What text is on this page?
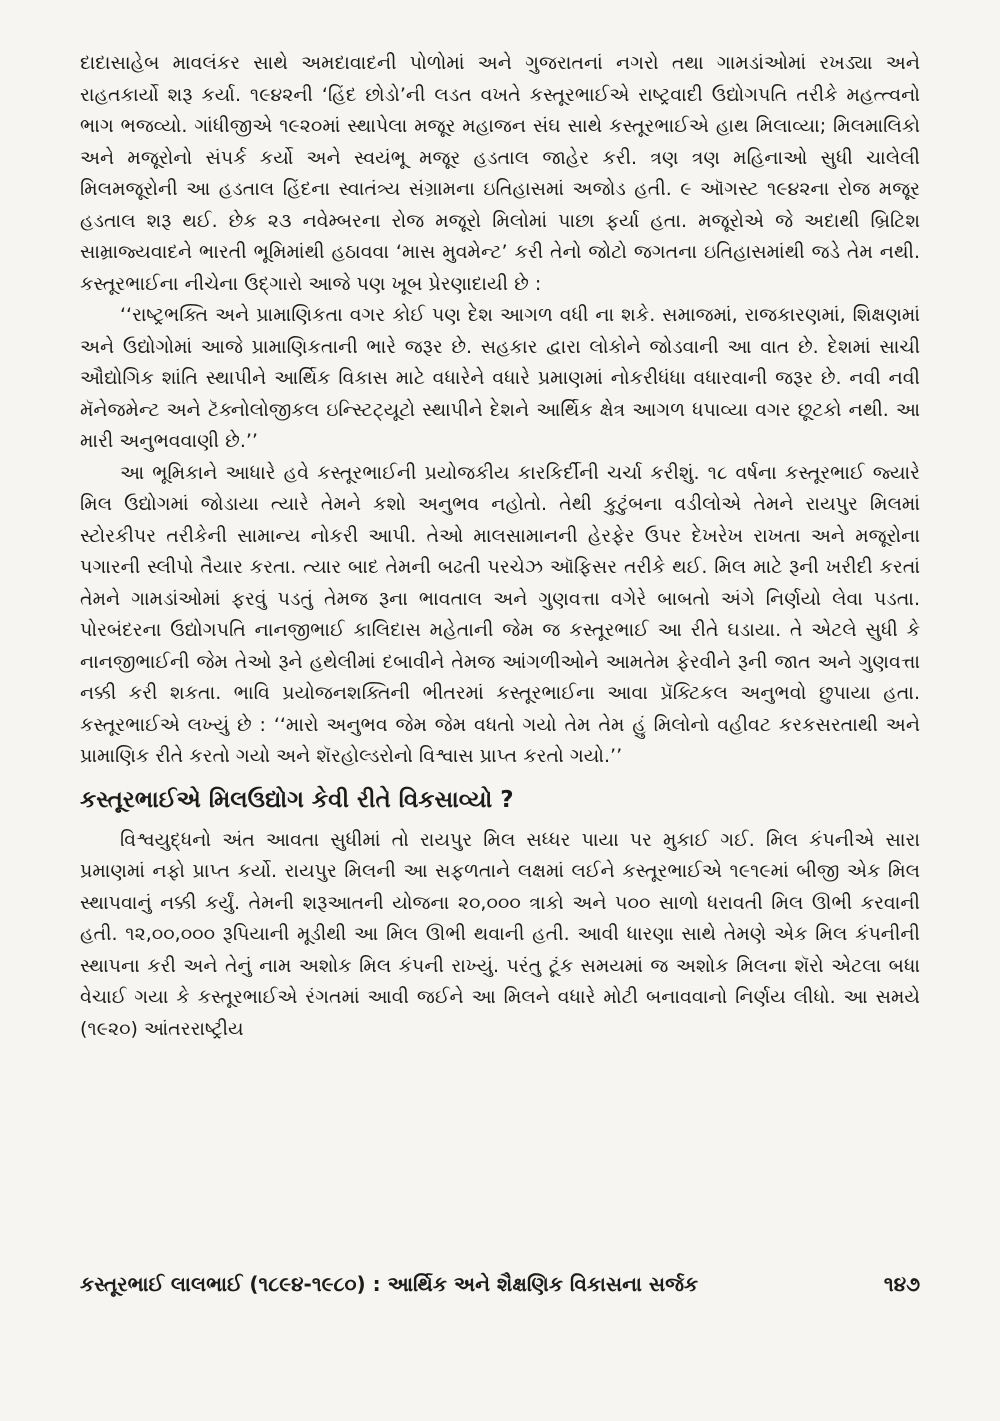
દાદાસાહેબ માવલંકર સાથે અમદાવાદની પોળોમાં અને ગુજરાતનાં નગરો તથા ગામડાંઓમાં રખડ્યા અને રાહતકાર્યો શરૂ કર્યા. ૧૯૪૨ની ‘હિંદ છોડો’ની લડત વખતે કસ્તૂરભાઈએ રાષ્ટ્રવાદી ઉદ્યોગપતિ તરીકે મહત્ત્વનો ભાગ ભજવ્યો. ગાંધીજીએ ૧૯૨૦માં સ્થાપેલા મજૂર મહાજન સંઘ સાથે કસ્તૂરભાઈએ હાથ મિલાવ્યા; મિલમાલિકો અને મજૂરોનો સંપર્ક કર્યો અને સ્વયંભૂ મજૂર હડતાલ જાહેર કરી. ત્રણ ત્રણ મહિનાઓ સુધી ચાલેલી મિલમજૂરોની આ હડતાલ હિંદના સ્વાતંત્ર્ય સંગ્રામના ઇતિહાસમાં અજોડ હતી. ૯ ઑગસ્ટ ૧૯૪૨ના રોજ મજૂર હડતાલ શરૂ થઈ. છેક ૨૩ નવેમ્બરના રોજ મજૂરો મિલોમાં પાછા ફર્યા હતા. મજૂરોએ જે અદાથી બ્રિટિશ સામ્રાજ્યવાદને ભારતી ભૂમિમાંથી હઠાવવા ‘માસ મુવમેન્ટ’ કરી તેનો જોટો જગતના ઇતિહાસમાંથી જડે તેમ નથી. કસ્તૂરભાઈના નીચેના ઉદ્‌ગારો આજે પણ ખૂબ પ્રેરણાદાયી છે :

‘‘રાષ્ટ્રભક્તિ અને પ્રામાણિકતા વગર કોઈ પણ દેશ આગળ વધી ના શકે. સમાજમાં, રાજકારણમાં, શિક્ષણમાં અને ઉદ્યોગોમાં આજે પ્રામાણિકતાની ભારે જરૂર છે. સહકાર દ્વારા લોકોને જોડવાની આ વાત છે. દેશમાં સાચી ઔદ્યોગિક શાંતિ સ્થાપીને આર્થિક વિકાસ માટે વધારેને વધારે પ્રમાણમાં નોકરીધંધા વધારવાની જરૂર છે. નવી નવી મૅનેજમેન્ટ અને ટૅક્નોલોજીકલ ઇન્સ્ટિટ્યૂટો સ્થાપીને દેશને આર્થિક ક્ષેત્ર આગળ ધપાવ્યા વગર છૂટકો નથી. આ મારી અનુભવવાણી છે.’’

આ ભૂમિકાને આધારે હવે કસ્તૂરભાઈની પ્રયોજકીય કારકિર્દીની ચર્ચા કરીશું. ૧૮ વર્ષના કસ્તૂરભાઈ જ્યારે મિલ ઉદ્યોગમાં જોડાયા ત્યારે તેમને કશો અનુભવ નહોતો. તેથી કુટુંબના વડીલોએ તેમને રાયપુર મિલમાં સ્ટોરકીપર તરીકેની સામાન્ય નોકરી આપી. તેઓ માલસામાનની હેરફેર ઉપર દેખરેખ રાખતા અને મજૂરોના પગારની સ્લીપો તૈયાર કરતા. ત્યાર બાદ તેમની બઢતી પરચેઝ ઑફિસર તરીકે થઈ. મિલ માટે રૂની ખરીદી કરતાં તેમને ગામડાંઓમાં ફરવું પડતું તેમજ રૂના ભાવતાલ અને ગુણવત્તા વગેરે બાબતો અંગે નિર્ણયો લેવા પડતા. પોરબંદરના ઉદ્યોગપતિ નાનજીભાઈ કાલિદાસ મહેતાની જેમ જ કસ્તૂરભાઈ આ રીતે ઘડાયા. તે એટલે સુધી કે નાનજીભાઈની જેમ તેઓ રૂને હથેલીમાં દબાવીને તેમજ આંગળીઓને આમતેમ ફેરવીને રૂની જાત અને ગુણવત્તા નક્કી કરી શકતા. ભાવિ પ્રયોજનશક્તિની ભીતરમાં કસ્તૂરભાઈના આવા પ્રૅક્ટિકલ અનુભવો છુપાયા હતા. કસ્તૂરભાઈએ લખ્યું છે : ‘‘મારો અનુભવ જેમ જેમ વધતો ગયો તેમ તેમ હું મિલોનો વહીવટ કરકસરતાથી અને પ્રામાણિક રીતે કરતો ગયો અને શૅરહોલ્ડરોનો વિશ્વાસ પ્રાપ્ત કરતો ગયો.’’

કસ્તૂરભાઈએ મિલઉદ્યોગ કેવી રીતે વિકસાવ્યો ?

વિશ્વયુદ્ધનો અંત આવતા સુધીમાં તો રાયપુર મિલ સધ્ધર પાયા પર મુકાઈ ગઈ. મિલ કંપનીએ સારા પ્રમાણમાં નફો પ્રાપ્ત કર્યો. રાયપુર મિલની આ સફળતાને લક્ષમાં લઈને કસ્તૂરભાઈએ ૧૯૧૯માં બીજી એક મિલ સ્થાપવાનું નક્કી કર્યું. તેમની શરૂઆતની યોજના ૨૦,૦૦૦ ત્રાકો અને ૫૦૦ સાળો ધરાવતી મિલ ઊભી કરવાની હતી. ૧૨,૦૦,૦૦૦ રૂપિયાની મૂડીથી આ મિલ ઊભી થવાની હતી. આવી ધારણા સાથે તેમણે એક મિલ કંપનીની સ્થાપના કરી અને તેનું નામ અશોક મિલ કંપની રાખ્યું. પરંતુ ટૂંક સમયમાં જ અશોક મિલના શૅરો એટલા બધા વેચાઈ ગયા કે કસ્તૂરભાઈએ રંગતમાં આવી જઈને આ મિલને વધારે મોટી બનાવવાનો નિર્ણય લીધો. આ સમયે (૧૯૨૦) આંતરરાષ્ટ્રીય

કસ્તૂરભાઈ લાલભાઈ (૧૮૯૪-૧૯૮૦) : આર્થિક અને શૈક્ષણિક વિકાસના સર્જક	૧૪૭
